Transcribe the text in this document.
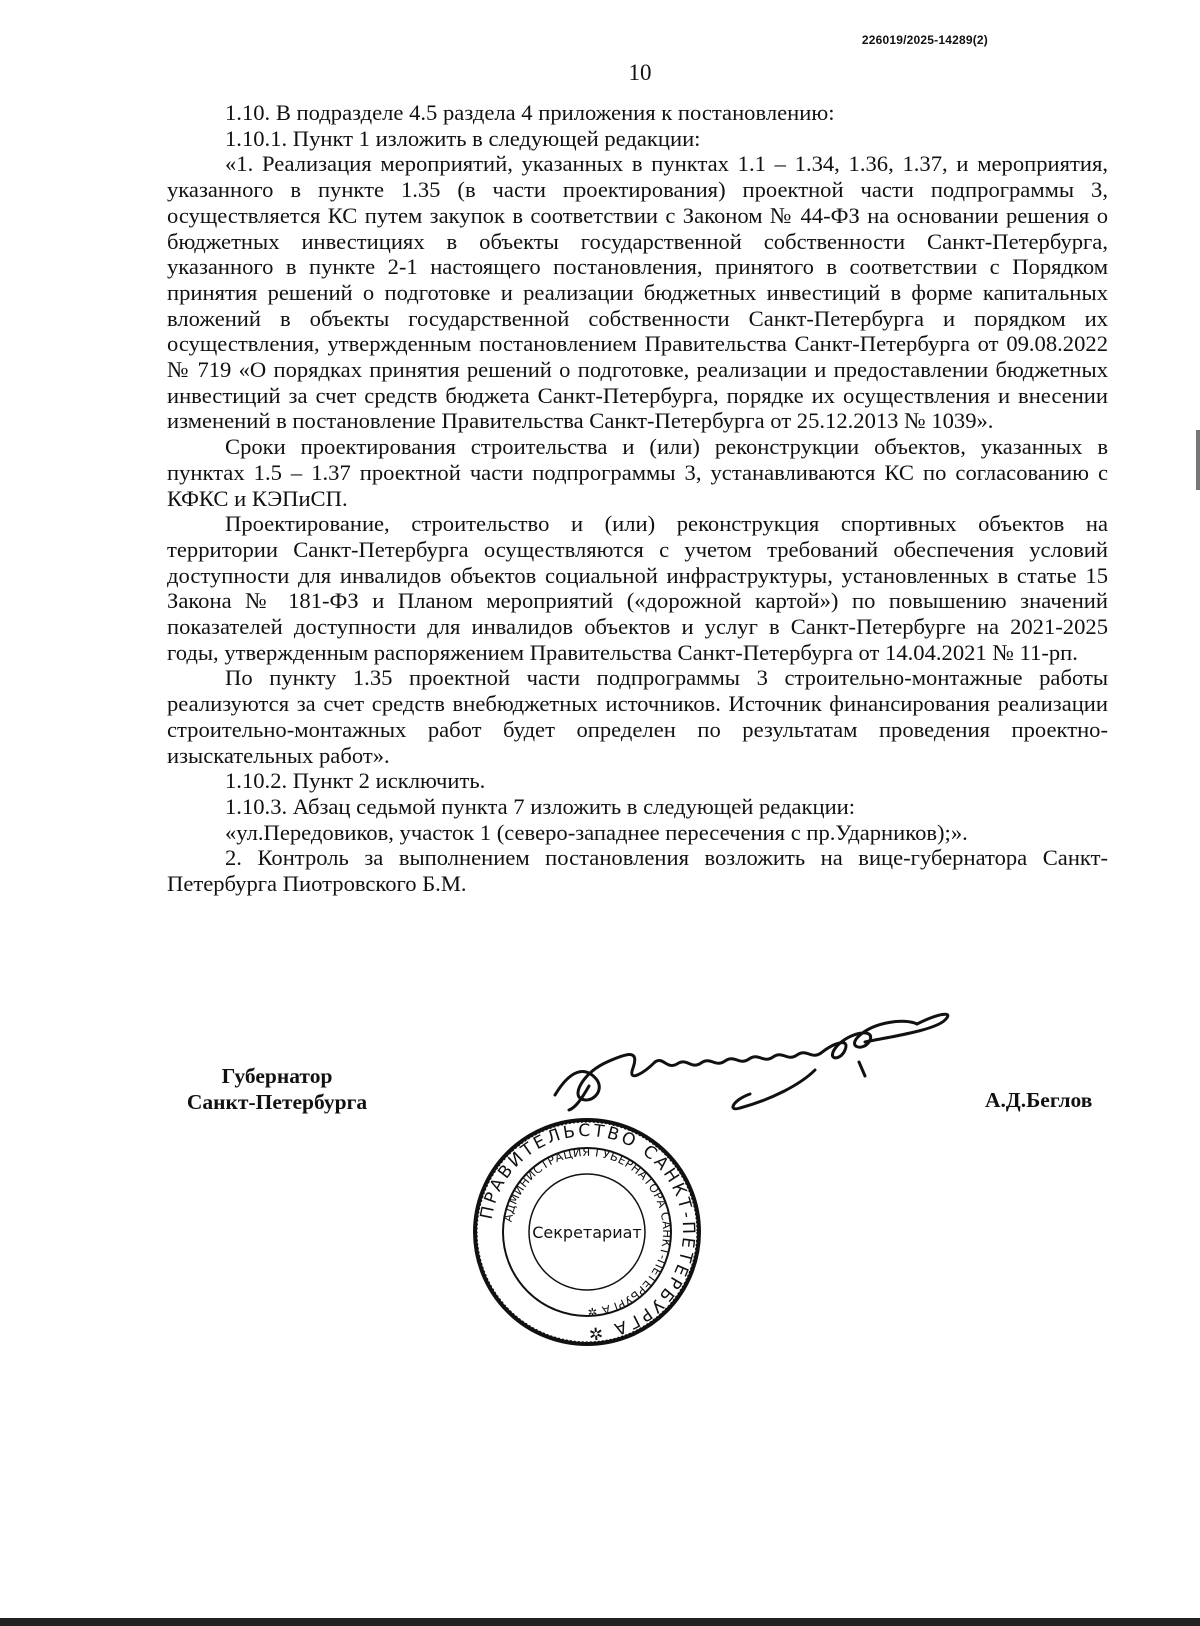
226019/2025-14289(2)
10

1.10. В подразделе 4.5 раздела 4 приложения к постановлению:

1.10.1. Пункт 1 изложить в следующей редакции:

«1. Реализация мероприятий, указанных в пунктах 1.1 – 1.34, 1.36, 1.37, и мероприятия, указанного в пункте 1.35 (в части проектирования) проектной части подпрограммы 3, осуществляется КС путем закупок в соответствии с Законом № 44-ФЗ на основании решения о бюджетных инвестициях в объекты государственной собственности Санкт-Петербурга, указанного в пункте 2-1 настоящего постановления, принятого в соответствии с Порядком принятия решений о подготовке и реализации бюджетных инвестиций в форме капитальных вложений в объекты государственной собственности Санкт-Петербурга и порядком их осуществления, утвержденным постановлением Правительства Санкт-Петербурга от 09.08.2022 № 719 «О порядках принятия решений о подготовке, реализации и предоставлении бюджетных инвестиций за счет средств бюджета Санкт-Петербурга, порядке их осуществления и внесении изменений в постановление Правительства Санкт-Петербурга от 25.12.2013 № 1039».

Сроки проектирования строительства и (или) реконструкции объектов, указанных в пунктах 1.5 – 1.37 проектной части подпрограммы 3, устанавливаются КС по согласованию с КФКС и КЭПиСП.

Проектирование, строительство и (или) реконструкция спортивных объектов на территории Санкт-Петербурга осуществляются с учетом требований обеспечения условий доступности для инвалидов объектов социальной инфраструктуры, установленных в статье 15 Закона № 181-ФЗ и Планом мероприятий («дорожной картой») по повышению значений показателей доступности для инвалидов объектов и услуг в Санкт-Петербурге на 2021-2025 годы, утвержденным распоряжением Правительства Санкт-Петербурга от 14.04.2021 № 11-рп.

По пункту 1.35 проектной части подпрограммы 3 строительно-монтажные работы реализуются за счет средств внебюджетных источников. Источник финансирования реализации строительно-монтажных работ будет определен по результатам проведения проектно-изыскательных работ».

1.10.2. Пункт 2 исключить.

1.10.3. Абзац седьмой пункта 7 изложить в следующей редакции:

«ул.Передовиков, участок 1 (северо-западнее пересечения с пр.Ударников);».

2. Контроль за выполнением постановления возложить на вице-губернатора Санкт-Петербурга Пиотровского Б.М.

Губернатор
Санкт-Петербурга	А.Д.Беглов
ПРАВИТЕЛЬСТВО САНКТ-ПЕТЕРБУРГА ✲
АДМИНИСТРАЦИЯ ГУБЕРНАТОРА САНКТ-ПЕТЕРБУРГА ✲
Секретариат
